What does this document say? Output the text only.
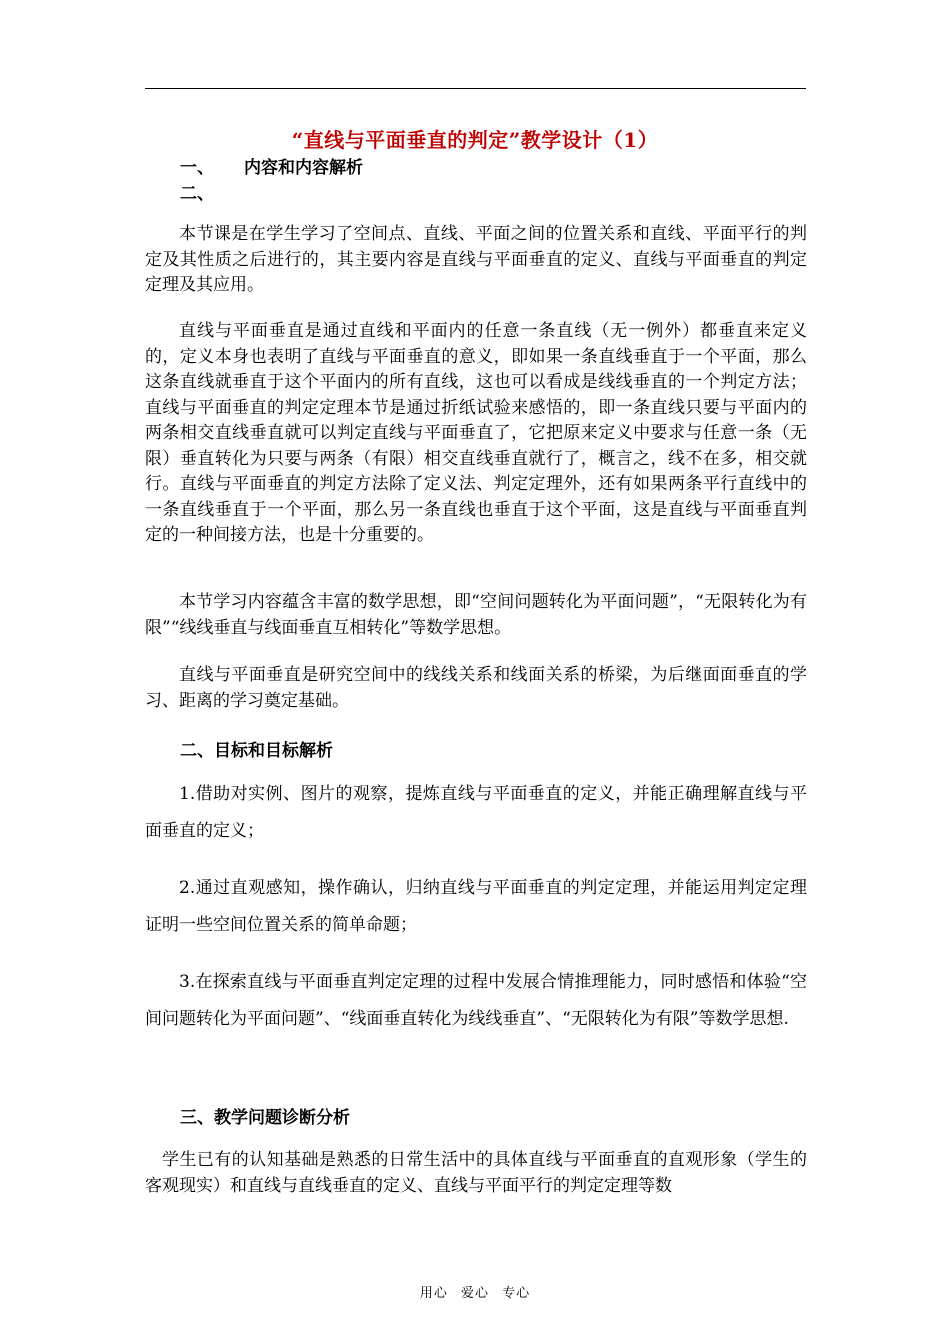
“直线与平面垂直的判定”教学设计（1）
一、 内容和内容解析
二、
本节课是在学生学习了空间点、直线、平面之间的位置关系和直线、平面平行的判定及其性质之后进行的，其主要内容是直线与平面垂直的定义、直线与平面垂直的判定定理及其应用。
直线与平面垂直是通过直线和平面内的任意一条直线（无一例外）都垂直来定义的，定义本身也表明了直线与平面垂直的意义，即如果一条直线垂直于一个平面，那么这条直线就垂直于这个平面内的所有直线，这也可以看成是线线垂直的一个判定方法；直线与平面垂直的判定定理本节是通过折纸试验来感悟的，即一条直线只要与平面内的两条相交直线垂直就可以判定直线与平面垂直了，它把原来定义中要求与任意一条（无限）垂直转化为只要与两条（有限）相交直线垂直就行了，概言之，线不在多，相交就行。直线与平面垂直的判定方法除了定义法、判定定理外，还有如果两条平行直线中的一条直线垂直于一个平面，那么另一条直线也垂直于这个平面，这是直线与平面垂直判定的一种间接方法，也是十分重要的。
本节学习内容蕴含丰富的数学思想，即“空间问题转化为平面问题”，“无限转化为有限”“线线垂直与线面垂直互相转化”等数学思想。
直线与平面垂直是研究空间中的线线关系和线面关系的桥梁，为后继面面垂直的学习、距离的学习奠定基础。
二、目标和目标解析
1.借助对实例、图片的观察，提炼直线与平面垂直的定义，并能正确理解直线与平面垂直的定义；
2.通过直观感知，操作确认，归纳直线与平面垂直的判定定理，并能运用判定定理证明一些空间位置关系的简单命题；
3.在探索直线与平面垂直判定定理的过程中发展合情推理能力，同时感悟和体验“空间问题转化为平面问题”、“线面垂直转化为线线垂直”、“无限转化为有限”等数学思想.
三、教学问题诊断分析
学生已有的认知基础是熟悉的日常生活中的具体直线与平面垂直的直观形象（学生的客观现实）和直线与直线垂直的定义、直线与平面平行的判定定理等数
用心 爱心 专心
